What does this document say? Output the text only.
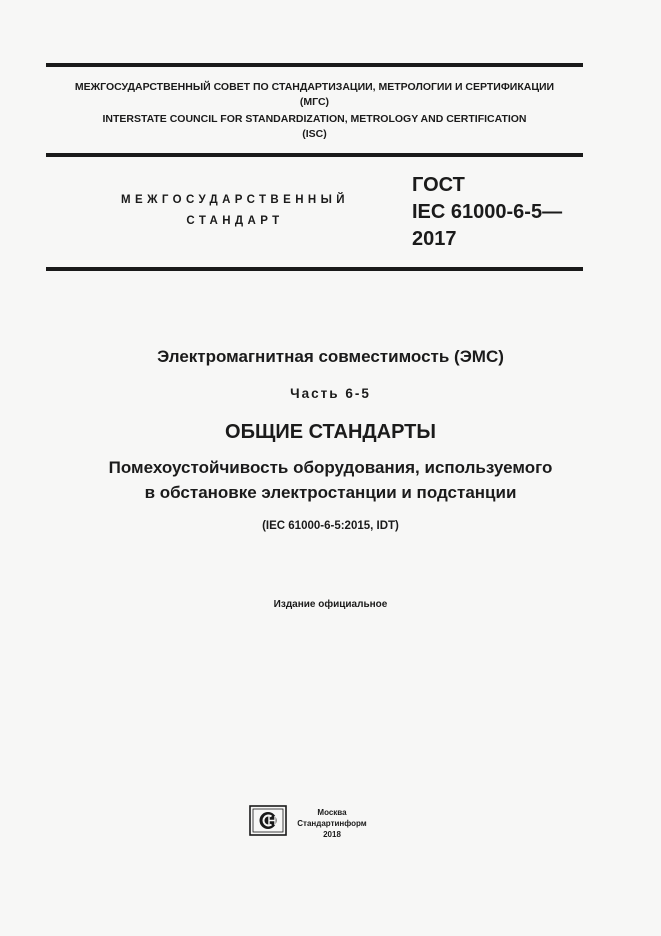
МЕЖГОСУДАРСТВЕННЫЙ СОВЕТ ПО СТАНДАРТИЗАЦИИ, МЕТРОЛОГИИ И СЕРТИФИКАЦИИ
(МГС)
INTERSTATE COUNCIL FOR STANDARDIZATION, METROLOGY AND CERTIFICATION
(ISC)
МЕЖГОСУДАРСТВЕННЫЙ
СТАНДАРТ
ГОСТ
IEC 61000-6-5—
2017
Электромагнитная совместимость (ЭМС)
Часть 6-5
ОБЩИЕ СТАНДАРТЫ
Помехоустойчивость оборудования, используемого
в обстановке электростанции и подстанции
(IEC 61000-6-5:2015, IDT)
Издание официальное
Москва
Стандартинформ
2018
